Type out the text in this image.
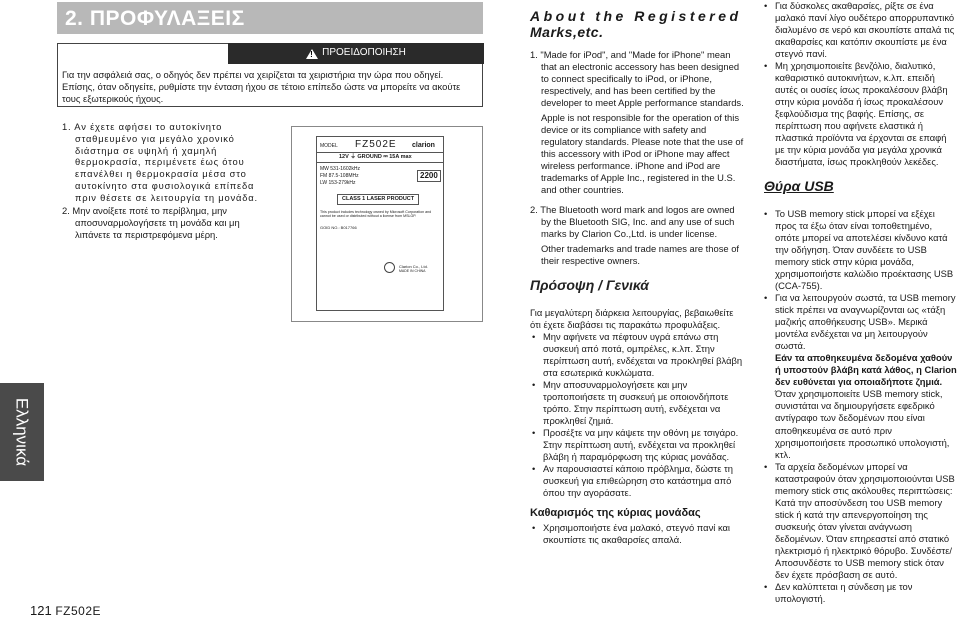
2. ΠΡΟΦΥΛΑΞΕΙΣ
! ΠΡΟΕΙΔΟΠΟΙΗΣΗ
Για την ασφάλειά σας, ο οδηγός δεν πρέπει να χειρίζεται τα χειριστήρια την ώρα που οδηγεί. Επίσης, όταν οδηγείτε, ρυθμίστε την ένταση ήχου σε τέτοιο επίπεδο ώστε να μπορείτε να ακούτε τους εξωτερικούς ήχους.

1. Αν έχετε αφήσει το αυτοκίνητο σταθμευμένο για μεγάλο χρονικό διάστημα σε υψηλή ή χαμηλή θερμοκρασία, περιμένετε έως ότου επανέλθει η θερμοκρασία μέσα στο αυτοκίνητο στα φυσιολογικά επίπεδα πριν θέσετε σε λειτουργία τη μονάδα.

2. Μην ανοίξετε ποτέ το περίβλημα, μην αποσυναρμολογήσετε τη μονάδα και μη λιπάνετε τα περιστρεφόμενα μέρη.

MODEL FZ502E clarion
12V ⏚ GROUND ⎓ 15A max
MW 531-1602kHz
FM 87.5-108MHz
LW 153-279kHz
2200
CLASS 1 LASER PRODUCT
This product includes technology owned by Microsoft Corporation and cannot be used or distributed without a license from MSLGP.
GOID NO.: B017766
Clarion Co., Ltd.
MADE IN CHINA
Ελληνικά
121 FZ502E
About the Registered
Marks,etc.

1. "Made for iPod", and "Made for iPhone" mean that an electronic accessory has been designed to connect specifically to iPod, or iPhone, respectively, and has been certified by the developer to meet Apple performance standards.

Apple is not responsible for the operation of this device or its compliance with safety and regulatory standards. Please note that the use of this accessory with iPod or iPhone may affect wireless performance. iPhone and iPod are trademarks of Apple Inc., registered in the U.S. and other countries.

2. The Bluetooth word mark and logos are owned by the Bluetooth SIG, Inc. and any use of such marks by Clarion Co.,Ltd. is under license.

Other trademarks and trade names are those of their respective owners.

Πρόσοψη / Γενικά

Για μεγαλύτερη διάρκεια λειτουργίας, βεβαιωθείτε ότι έχετε διαβάσει τις παρακάτω προφυλάξεις.

• Μην αφήνετε να πέφτουν υγρά επάνω στη συσκευή από ποτά, ομπρέλες, κ.λπ. Στην περίπτωση αυτή, ενδέχεται να προκληθεί βλάβη στα εσωτερικά κυκλώματα.

• Μην αποσυναρμολογήσετε και μην τροποποιήσετε τη συσκευή με οποιονδήποτε τρόπο. Στην περίπτωση αυτή, ενδέχεται να προκληθεί ζημιά.

• Προσέξτε να μην κάψετε την οθόνη με τσιγάρο. Στην περίπτωση αυτή, ενδέχεται να προκληθεί βλάβη ή παραμόρφωση της κύριας μονάδας.

• Αν παρουσιαστεί κάποιο πρόβλημα, δώστε τη συσκευή για επιθεώρηση στο κατάστημα από όπου την αγοράσατε.

Καθαρισμός της κύριας μονάδας

• Χρησιμοποιήστε ένα μαλακό, στεγνό πανί και σκουπίστε τις ακαθαρσίες απαλά.

• Για δύσκολες ακαθαρσίες, ρίξτε σε ένα μαλακό πανί λίγο ουδέτερο απορρυπαντικό διαλυμένο σε νερό και σκουπίστε απαλά τις ακαθαρσίες και κατόπιν σκουπίστε με ένα στεγνό πανί.

• Μη χρησιμοποιείτε βενζόλιο, διαλυτικό, καθαριστικό αυτοκινήτων, κ.λπ. επειδή αυτές οι ουσίες ίσως προκαλέσουν βλάβη στην κύρια μονάδα ή ίσως προκαλέσουν ξεφλούδισμα της βαφής. Επίσης, σε περίπτωση που αφήνετε ελαστικά ή πλαστικά προϊόντα να έρχονται σε επαφή με την κύρια μονάδα για μεγάλα χρονικά διαστήματα, ίσως προκληθούν λεκέδες.

Θύρα USB

• Το USB memory stick μπορεί να εξέχει προς τα έξω όταν είναι τοποθετημένο, οπότε μπορεί να αποτελέσει κίνδυνο κατά την οδήγηση. Όταν συνδέετε το USB memory stick στην κύρια μονάδα, χρησιμοποιήστε καλώδιο προέκτασης USB (CCA-755).

• Για να λειτουργούν σωστά, τα USB memory stick πρέπει να αναγνωρίζονται ως «τάξη μαζικής αποθήκευσης USB». Μερικά μοντέλα ενδέχεται να μη λειτουργούν σωστά.

Εάν τα αποθηκευμένα δεδομένα χαθούν ή υποστούν βλάβη κατά λάθος, η Clarion δεν ευθύνεται για οποιαδήποτε ζημιά.

Όταν χρησιμοποιείτε USB memory stick, συνιστάται να δημιουργήσετε εφεδρικό αντίγραφο των δεδομένων που είναι αποθηκευμένα σε αυτό πριν χρησιμοποιήσετε προσωπικό υπολογιστή, κτλ.

• Τα αρχεία δεδομένων μπορεί να καταστραφούν όταν χρησιμοποιούνται USB memory stick στις ακόλουθες περιπτώσεις: Κατά την αποσύνδεση του USB memory stick ή κατά την απενεργοποίηση της συσκευής όταν γίνεται ανάγνωση δεδομένων. Όταν επηρεαστεί από στατικό ηλεκτρισμό ή ηλεκτρικό θόρυβο. Συνδέστε/Αποσυνδέστε το USB memory stick όταν δεν έχετε πρόσβαση σε αυτό.

• Δεν καλύπτεται η σύνδεση με τον υπολογιστή.
